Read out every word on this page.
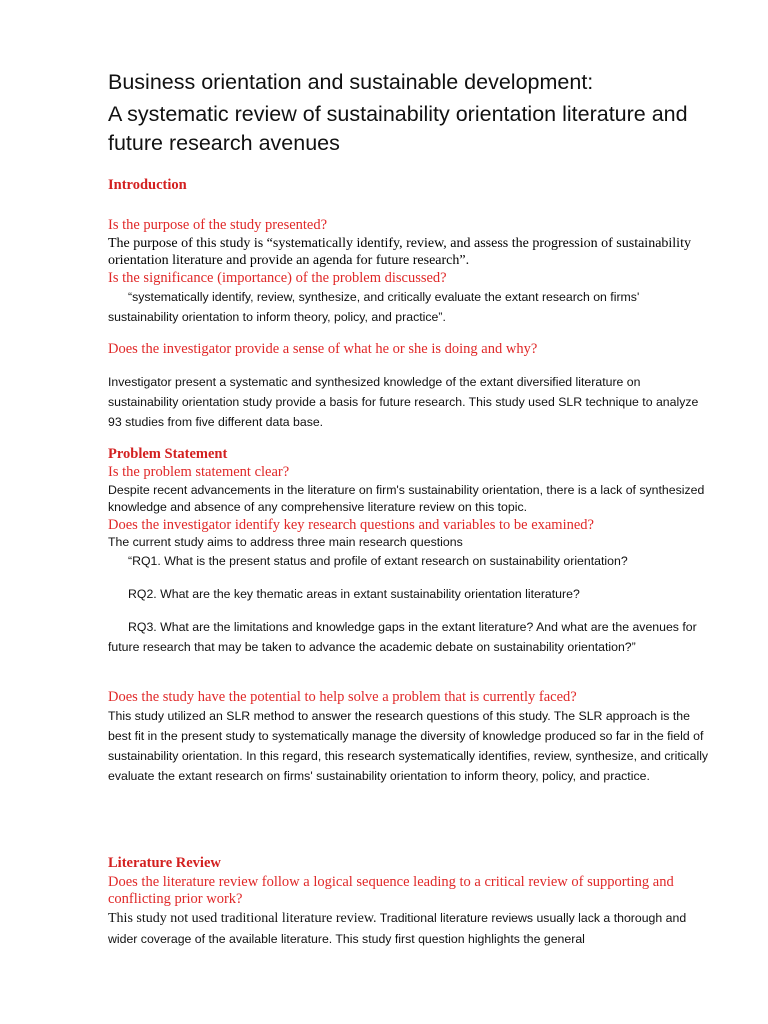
Business orientation and sustainable development:

A systematic review of sustainability orientation literature and

future research avenues

Introduction

Is the purpose of the study presented?

The purpose of this study is “systematically identify, review, and assess the progression of sustainability orientation literature and provide an agenda for future research”.

Is the significance (importance) of the problem discussed?

“systematically identify, review, synthesize, and critically evaluate the extant research on firms' sustainability orientation to inform theory, policy, and practice”.

Does the investigator provide a sense of what he or she is doing and why?

Investigator present a systematic and synthesized knowledge of the extant diversified literature on sustainability orientation study provide a basis for future research. This study used SLR technique to analyze 93 studies from five different data base.

Problem Statement

Is the problem statement clear?

Despite recent advancements in the literature on firm's sustainability orientation, there is a lack of synthesized knowledge and absence of any comprehensive literature review on this topic.

Does the investigator identify key research questions and variables to be examined?

The current study aims to address three main research questions

“RQ1. What is the present status and profile of extant research on sustainability orientation?

RQ2. What are the key thematic areas in extant sustainability orientation literature?

RQ3. What are the limitations and knowledge gaps in the extant literature? And what are the avenues for future research that may be taken to advance the academic debate on sustainability orientation?”

Does the study have the potential to help solve a problem that is currently faced?

This study utilized an SLR method to answer the research questions of this study. The SLR approach is the best fit in the present study to systematically manage the diversity of knowledge produced so far in the field of sustainability orientation. In this regard, this research systematically identifies, review, synthesize, and critically evaluate the extant research on firms' sustainability orientation to inform theory, policy, and practice.

Literature Review

Does the literature review follow a logical sequence leading to a critical review of supporting and conflicting prior work?

This study not used traditional literature review. Traditional literature reviews usually lack a thorough and wider coverage of the available literature. This study first question highlights the general
